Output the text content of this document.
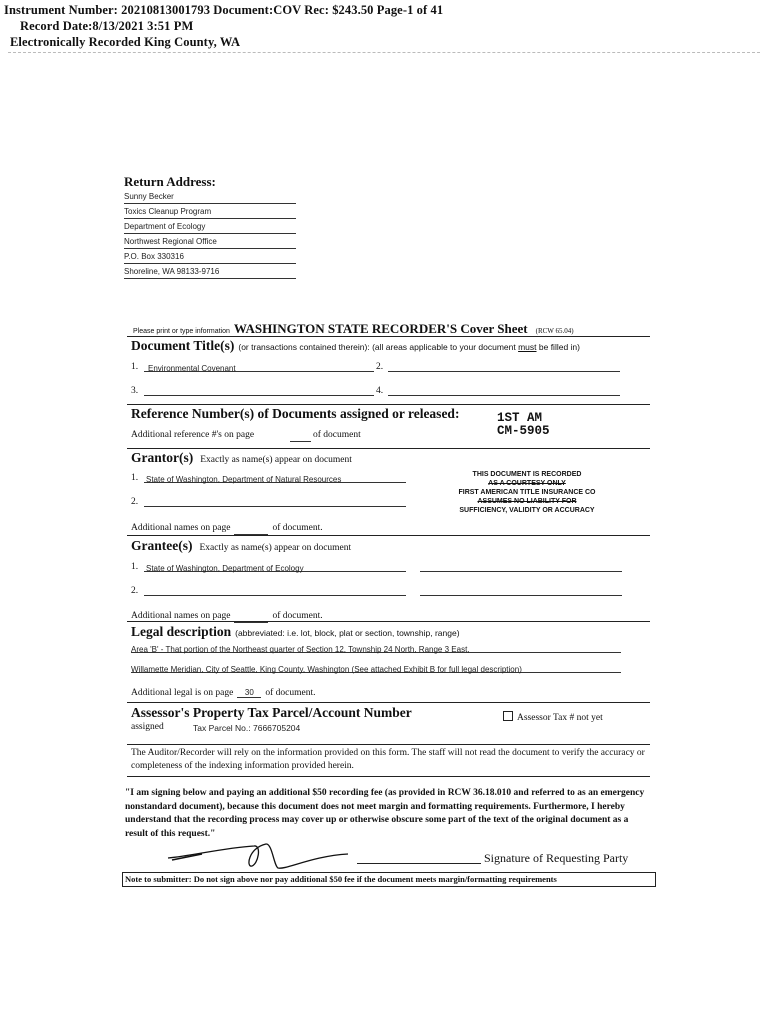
Instrument Number: 20210813001793 Document:COV Rec: $243.50 Page-1 of 41
Record Date:8/13/2021 3:51 PM
Electronically Recorded King County, WA
Return Address:
Sunny Becker
Toxics Cleanup Program
Department of Ecology
Northwest Regional Office
P.O. Box 330316
Shoreline, WA 98133-9716
Please print or type information WASHINGTON STATE RECORDER'S Cover Sheet (RCW 65.04)
Document Title(s) (or transactions contained therein): (all areas applicable to your document must be filled in)
1.	Environmental Covenant	2.
3.	4.
Reference Number(s) of Documents assigned or released:	1ST AM
CM-5905
Additional reference #'s on page	of document
Grantor(s) Exactly as name(s) appear on document
1. State of Washington, Department of Natural Resources
2.
Additional names on page	of document.
THIS DOCUMENT IS RECORDED
AS A COURTESY ONLY
FIRST AMERICAN TITLE INSURANCE CO
ASSUMES NO LIABILITY FOR
SUFFICIENCY, VALIDITY OR ACCURACY
Grantee(s) Exactly as name(s) appear on document
1. State of Washington, Department of Ecology
2.
Additional names on page	of document.
Legal description (abbreviated: i.e. lot, block, plat or section, township, range)
Area 'B' - That portion of the Northeast quarter of Section 12, Township 24 North, Range 3 East,
Willamette Meridian, City of Seattle, King County, Washington (See attached Exhibit B for full legal description)
Additional legal is on page 30 of document.
Assessor's Property Tax Parcel/Account Number	Assessor Tax # not yet
assigned	Tax Parcel No.: 7666705204
The Auditor/Recorder will rely on the information provided on this form. The staff will not read the document to verify the accuracy or completeness of the indexing information provided herein.
"I am signing below and paying an additional $50 recording fee (as provided in RCW 36.18.010 and referred to as an emergency nonstandard document), because this document does not meet margin and formatting requirements. Furthermore, I hereby understand that the recording process may cover up or otherwise obscure some part of the text of the original document as a result of this request."
Signature of Requesting Party
Note to submitter: Do not sign above nor pay additional $50 fee if the document meets margin/formatting requirements
